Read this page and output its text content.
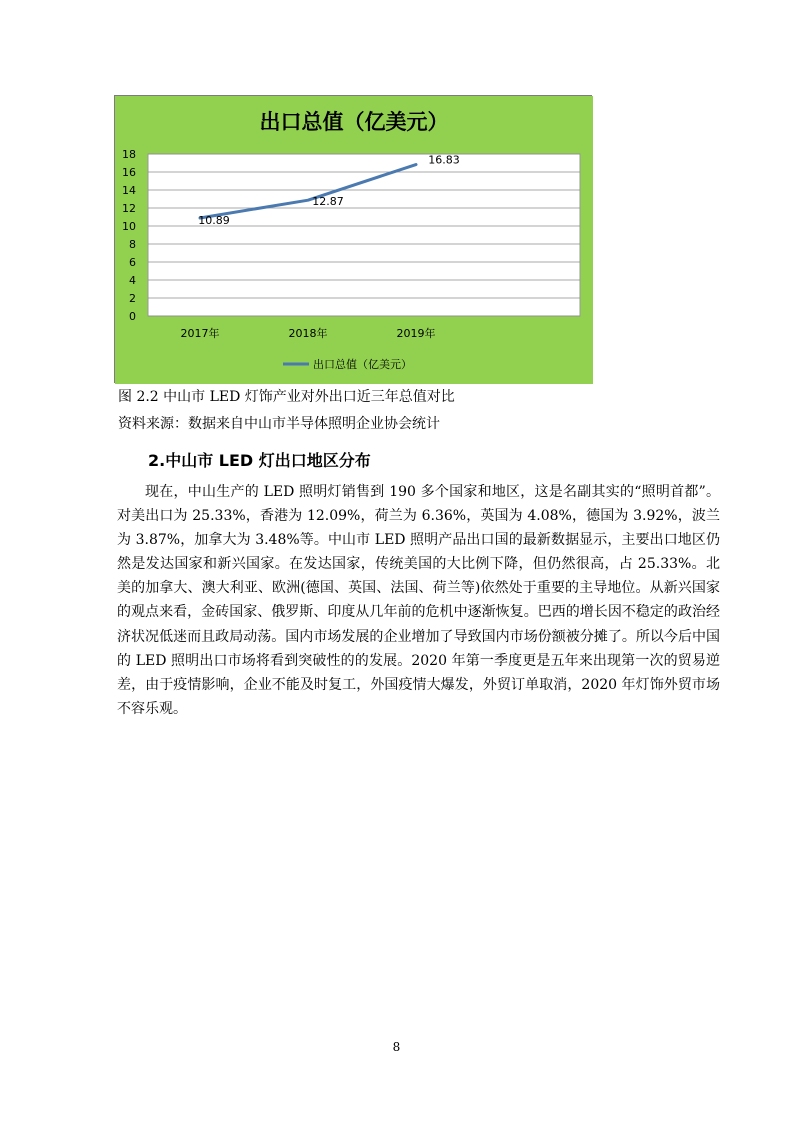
出口总值（亿美元）
0
2
4
6
8
10
12
14
16
18
2017年	2018年	2019年
10.89
12.87
16.83
出口总值（亿美元）
图 2.2 中山市 LED 灯饰产业对外出口近三年总值对比
资料来源：数据来自中山市半导体照明企业协会统计
2.中山市 LED 灯出口地区分布

现在，中山生产的 LED 照明灯销售到 190 多个国家和地区，这是名副其实的“照明首都”。对美出口为 25.33%，香港为 12.09%，荷兰为 6.36%，英国为 4.08%，德国为 3.92%，波兰为 3.87%，加拿大为 3.48%等。中山市 LED 照明产品出口国的最新数据显示，主要出口地区仍然是发达国家和新兴国家。在发达国家，传统美国的大比例下降，但仍然很高，占 25.33%。北美的加拿大、澳大利亚、欧洲(德国、英国、法国、荷兰等)依然处于重要的主导地位。从新兴国家的观点来看，金砖国家、俄罗斯、印度从几年前的危机中逐渐恢复。巴西的增长因不稳定的政治经济状况低迷而且政局动荡。国内市场发展的企业增加了导致国内市场份额被分摊了。所以今后中国的 LED 照明出口市场将看到突破性的的发展。2020 年第一季度更是五年来出现第一次的贸易逆差，由于疫情影响，企业不能及时复工，外国疫情大爆发，外贸订单取消，2020 年灯饰外贸市场不容乐观。

8
